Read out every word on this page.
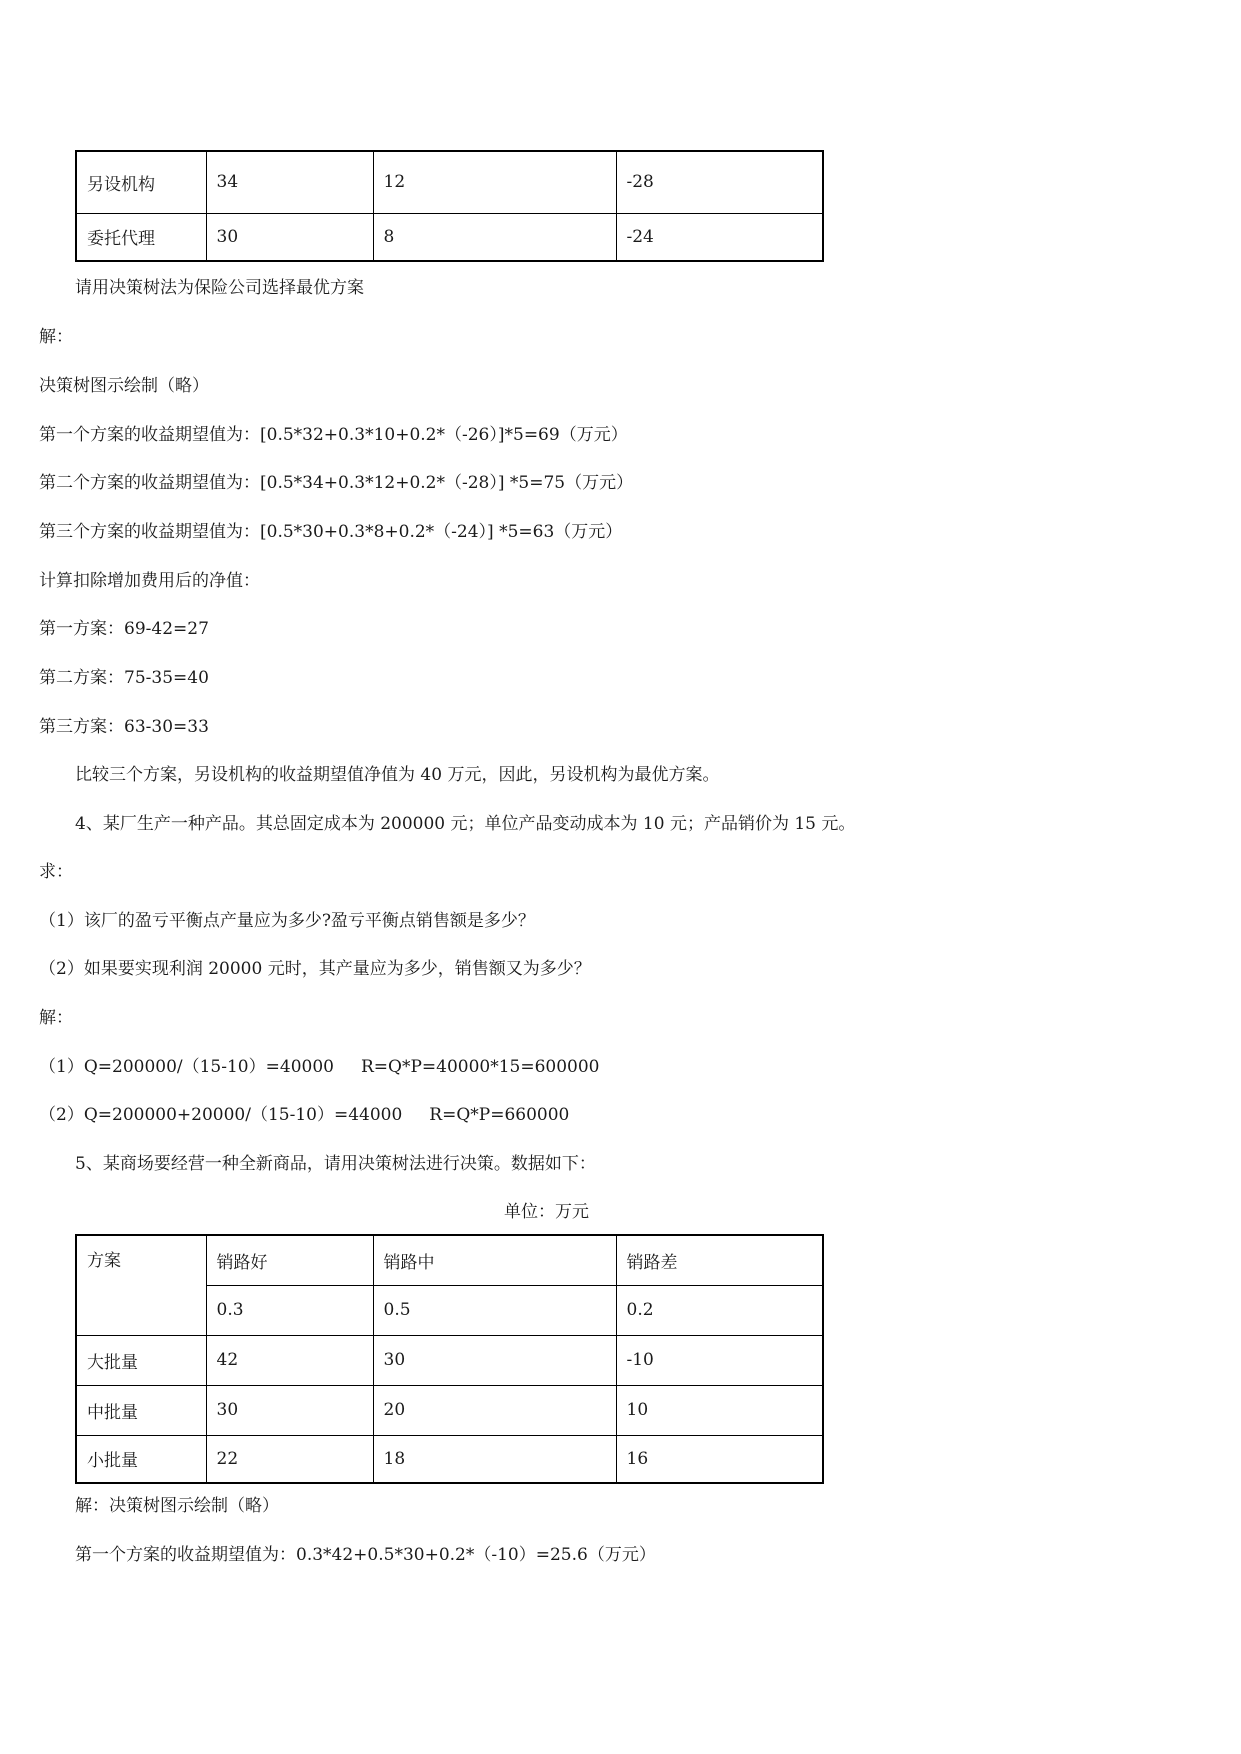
另设机构	34	12	-28
委托代理	30	8	-24
请用决策树法为保险公司选择最优方案
解：
决策树图示绘制（略）
第一个方案的收益期望值为：[0.5*32+0.3*10+0.2*（-26）]*5=69（万元）
第二个方案的收益期望值为：[0.5*34+0.3*12+0.2*（-28）] *5=75（万元）
第三个方案的收益期望值为：[0.5*30+0.3*8+0.2*（-24）] *5=63（万元）
计算扣除增加费用后的净值：
第一方案：69-42=27
第二方案：75-35=40
第三方案：63-30=33
比较三个方案，另设机构的收益期望值净值为 40 万元，因此，另设机构为最优方案。
4、某厂生产一种产品。其总固定成本为 200000 元；单位产品变动成本为 10 元；产品销价为 15 元。
求：
（1）该厂的盈亏平衡点产量应为多少?盈亏平衡点销售额是多少？
（2）如果要实现利润 20000 元时，其产量应为多少，销售额又为多少？
解：
（1）Q=200000/（15-10）=40000     R=Q*P=40000*15=600000
（2）Q=200000+20000/（15-10）=44000     R=Q*P=660000
5、某商场要经营一种全新商品，请用决策树法进行决策。数据如下：
单位：万元
方案	销路好	销路中	销路差
	0.3	0.5	0.2
大批量	42	30	-10
中批量	30	20	10
小批量	22	18	16
解：决策树图示绘制（略）
第一个方案的收益期望值为：0.3*42+0.5*30+0.2*（-10）=25.6（万元）
